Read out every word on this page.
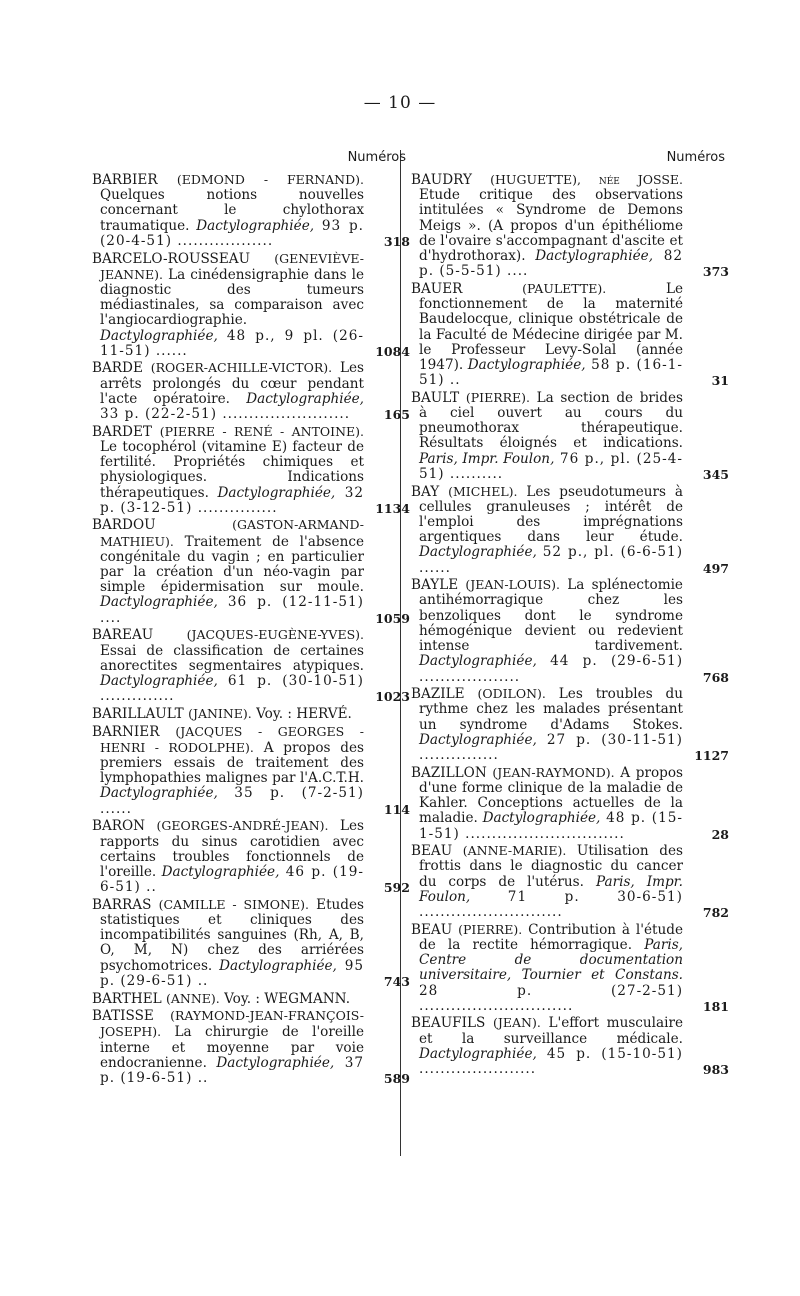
— 10 —
Numéros

BARBIER (EDMOND - FERNAND). Quelques notions nouvelles concernant le chylothorax traumatique. Dactylographiée, 93 p. (20-4-51) ..................	318

BARCELO-ROUSSEAU (GENEVIÈVE-JEANNE). La cinédensigraphie dans le diagnostic des tumeurs médiastinales, sa comparaison avec l'angiocardiographie. Dactylographiée, 48 p., 9 pl. (26-11-51) ......	1084

BARDE (ROGER-ACHILLE-VICTOR). Les arrêts prolongés du cœur pendant l'acte opératoire. Dactylographiée, 33 p. (22-2-51) ........................	165

BARDET (PIERRE - RENÉ - ANTOINE). Le tocophérol (vitamine E) facteur de fertilité. Propriétés chimiques et physiologiques. Indications thérapeutiques. Dactylographiée, 32 p. (3-12-51) ...............	1134

BARDOU	(GASTON-ARMAND-MATHIEU). Traitement de l'absence congénitale du vagin ; en particulier par la création d'un néo-vagin par simple épidermisation sur moule. Dactylographiée, 36 p. (12-11-51) ....	1059

BAREAU	(JACQUES-EUGÈNE-YVES). Essai de classification de certaines anorectites segmentaires atypiques. Dactylographiée, 61 p. (30-10-51) ..............	1023

BARILLAULT (JANINE). Voy. : HERVÉ.

BARNIER (JACQUES - GEORGES - HENRI - RODOLPHE). A propos des premiers essais de traitement des lymphopathies malignes par l'A.C.T.H. Dactylographiée, 35 p. (7-2-51) ......	114

BARON (GEORGES-ANDRÉ-JEAN). Les rapports du sinus carotidien avec certains troubles fonctionnels de l'oreille. Dactylographiée, 46 p. (19-6-51) ..	592

BARRAS (CAMILLE - SIMONE). Etudes statistiques et cliniques des incompatibilités sanguines (Rh, A, B, O, M, N) chez des arriérées psychomotrices. Dactylographiée, 95 p. (29-6-51) ..	743

BARTHEL (ANNE). Voy. : WEGMANN.

BATISSE (RAYMOND-JEAN-FRANÇOIS-JOSEPH). La chirurgie de l'oreille interne et moyenne par voie endocranienne. Dactylographiée, 37 p. (19-6-51) ..	589
Numéros

BAUDRY (HUGUETTE), née JOSSE. Etude critique des observations intitulées « Syndrome de Demons Meigs ». (A propos d'un épithéliome de l'ovaire s'accompagnant d'ascite et d'hydrothorax). Dactylographiée, 82 p. (5-5-51) ....	373

BAUER	(PAULETTE).	Le fonctionnement de la maternité Baudelocque, clinique obstétricale de la Faculté de Médecine dirigée par M. le Professeur Levy-Solal (année 1947). Dactylographiée, 58 p. (16-1-51) ..	31

BAULT (PIERRE). La section de brides à ciel ouvert au cours du pneumothorax thérapeutique. Résultats éloignés et indications. Paris, Impr. Foulon, 76 p., pl. (25-4-51) ..........	345

BAY (MICHEL). Les pseudotumeurs à cellules granuleuses ; intérêt de l'emploi des imprégnations argentiques dans leur étude. Dactylographiée, 52 p., pl. (6-6-51) ......	497

BAYLE (JEAN-LOUIS). La splénectomie antihémorragique chez les benzoliques dont le syndrome hémogénique devient ou redevient intense tardivement. Dactylographiée, 44 p. (29-6-51) ...................	768

BAZILE (ODILON). Les troubles du rythme chez les malades présentant un syndrome d'Adams Stokes. Dactylographiée, 27 p. (30-11-51) ...............	1127

BAZILLON (JEAN-RAYMOND). A propos d'une forme clinique de la maladie de Kahler. Conceptions actuelles de la maladie. Dactylographiée, 48 p. (15-1-51) ..............................	28

BEAU (ANNE-MARIE). Utilisation des frottis dans le diagnostic du cancer du corps de l'utérus. Paris, Impr. Foulon, 71 p. 30-6-51) ...........................	782

BEAU (PIERRE). Contribution à l'étude de la rectite hémorragique. Paris, Centre de documentation universitaire, Tournier et Constans. 28 p. (27-2-51) .............................	181

BEAUFILS (JEAN). L'effort musculaire et la surveillance médicale. Dactylographiée, 45 p. (15-10-51) ......................	983
